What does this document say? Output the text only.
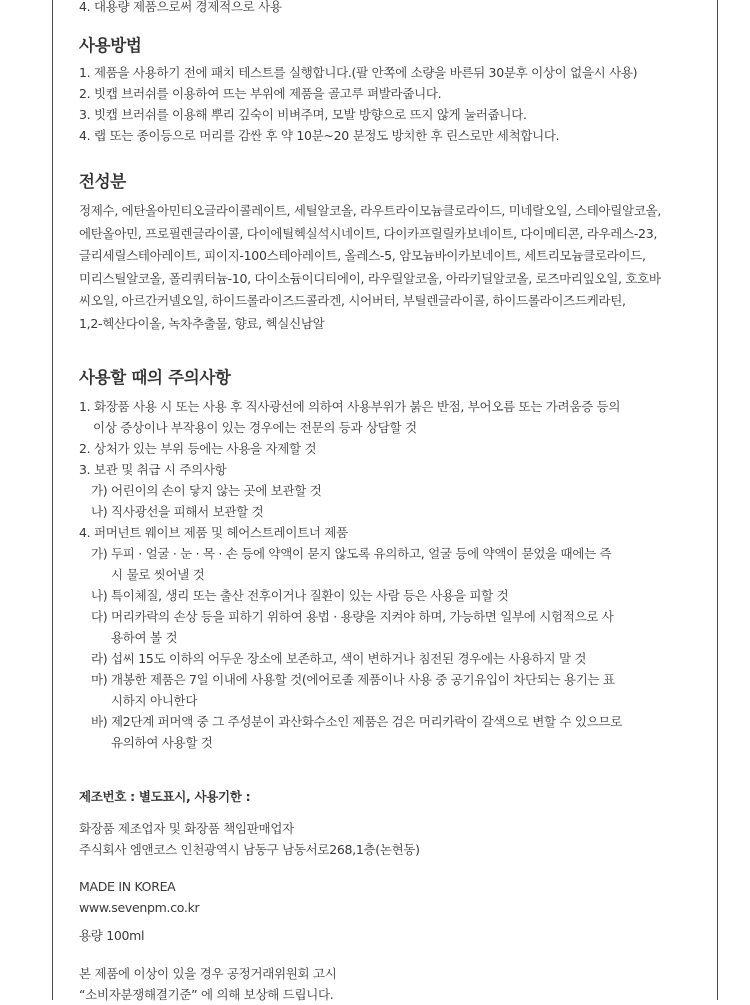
4. 대용량 제품으로써 경제적으로 사용
사용방법
1. 제품을 사용하기 전에 패치 테스트를 실행합니다.(팔 안쪽에 소량을 바른뒤 30분후 이상이 없을시 사용)
2. 빗캡 브러쉬를 이용하여 뜨는 부위에 제품을 골고루 펴발라줍니다.
3. 빗캡 브러쉬를 이용해 뿌리 깊숙이 비벼주며, 모발 방향으로 뜨지 않게 눌러줍니다.
4. 랩 또는 종이등으로 머리를 감싼 후 약 10분~20 분정도 방치한 후 린스로만 세척합니다.
전성분
정제수, 에탄올아민티오글라이콜레이트, 세틸알코올, 라우트라이모늄클로라이드, 미네랄오일, 스테아릴알코올,
에탄올아민, 프로필렌글라이콜, 다이에틸헥실석시네이트, 다이카프릴릴카보네이트, 다이메티콘, 라우레스-23,
글리세릴스테아레이트, 피이지-100스테아레이트, 올레스-5, 암모늄바이카보네이트, 세트리모늄클로라이드,
미리스틸알코올, 폴리쿼터늄-10, 다이소듐이디티에이, 라우릴알코올, 아라키딜알코올, 로즈마리잎오일, 호호바
씨오일, 아르간커넬오일, 하이드롤라이즈드콜라겐, 시어버터, 부틸렌글라이콜, 하이드롤라이즈드케라틴,
1,2-헥산다이올, 녹차추출물, 향료, 헥실신남알
사용할 때의 주의사항
1. 화장품 사용 시 또는 사용 후 직사광선에 의하여 사용부위가 붉은 반점, 부어오름 또는 가려움증 등의
이상 증상이나 부작용이 있는 경우에는 전문의 등과 상담할 것
2. 상처가 있는 부위 등에는 사용을 자제할 것
3. 보관 및 취급 시 주의사항
가) 어린이의 손이 닿지 않는 곳에 보관할 것
나) 직사광선을 피해서 보관할 것
4. 퍼머넌트 웨이브 제품 및 헤어스트레이트너 제품
가) 두피 · 얼굴 · 눈 · 목 · 손 등에 약액이 묻지 않도록 유의하고, 얼굴 등에 약액이 묻었을 때에는 즉
시 물로 씻어낼 것
나) 특이체질, 생리 또는 출산 전후이거나 질환이 있는 사람 등은 사용을 피할 것
다) 머리카락의 손상 등을 피하기 위하여 용법 · 용량을 지켜야 하며, 가능하면 일부에 시험적으로 사
용하여 볼 것
라) 섭씨 15도 이하의 어두운 장소에 보존하고, 색이 변하거나 침전된 경우에는 사용하지 말 것
마) 개봉한 제품은 7일 이내에 사용할 것(에어로졸 제품이나 사용 중 공기유입이 차단되는 용기는 표
시하지 아니한다
바) 제2단계 퍼머액 중 그 주성분이 과산화수소인 제품은 검은 머리카락이 갈색으로 변할 수 있으므로
유의하여 사용할 것
제조번호 : 별도표시, 사용기한 :
화장품 제조업자 및 화장품 책임판매업자
주식회사 엠앤코스 인천광역시 남동구 남동서로268,1층(논현동)
MADE IN KOREA
www.sevenpm.co.kr
용량 100ml
본 제품에 이상이 있을 경우 공정거래위원회 고시
“소비자분쟁해결기준” 에 의해 보상해 드립니다.
